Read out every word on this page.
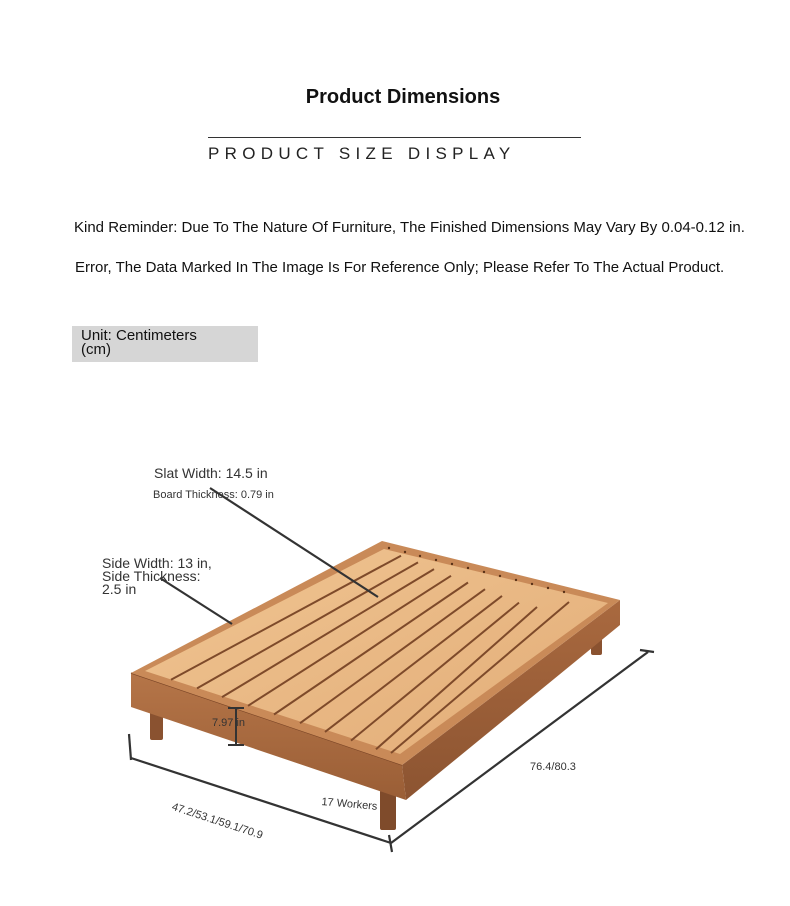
Product Dimensions
PRODUCT SIZE DISPLAY
Kind Reminder: Due To The Nature Of Furniture, The Finished Dimensions May Vary By 0.04-0.12 in.
Error, The Data Marked In The Image Is For Reference Only; Please Refer To The Actual Product.
Unit: Centimeters (cm)
Slat Width: 14.5 in
Board Thickness: 0.79 in
Side Width: 13 in, Side Thickness: 2.5 in
7.97 in
76.4/80.3
47.2/53.1/59.1/70.9	17 Workers
